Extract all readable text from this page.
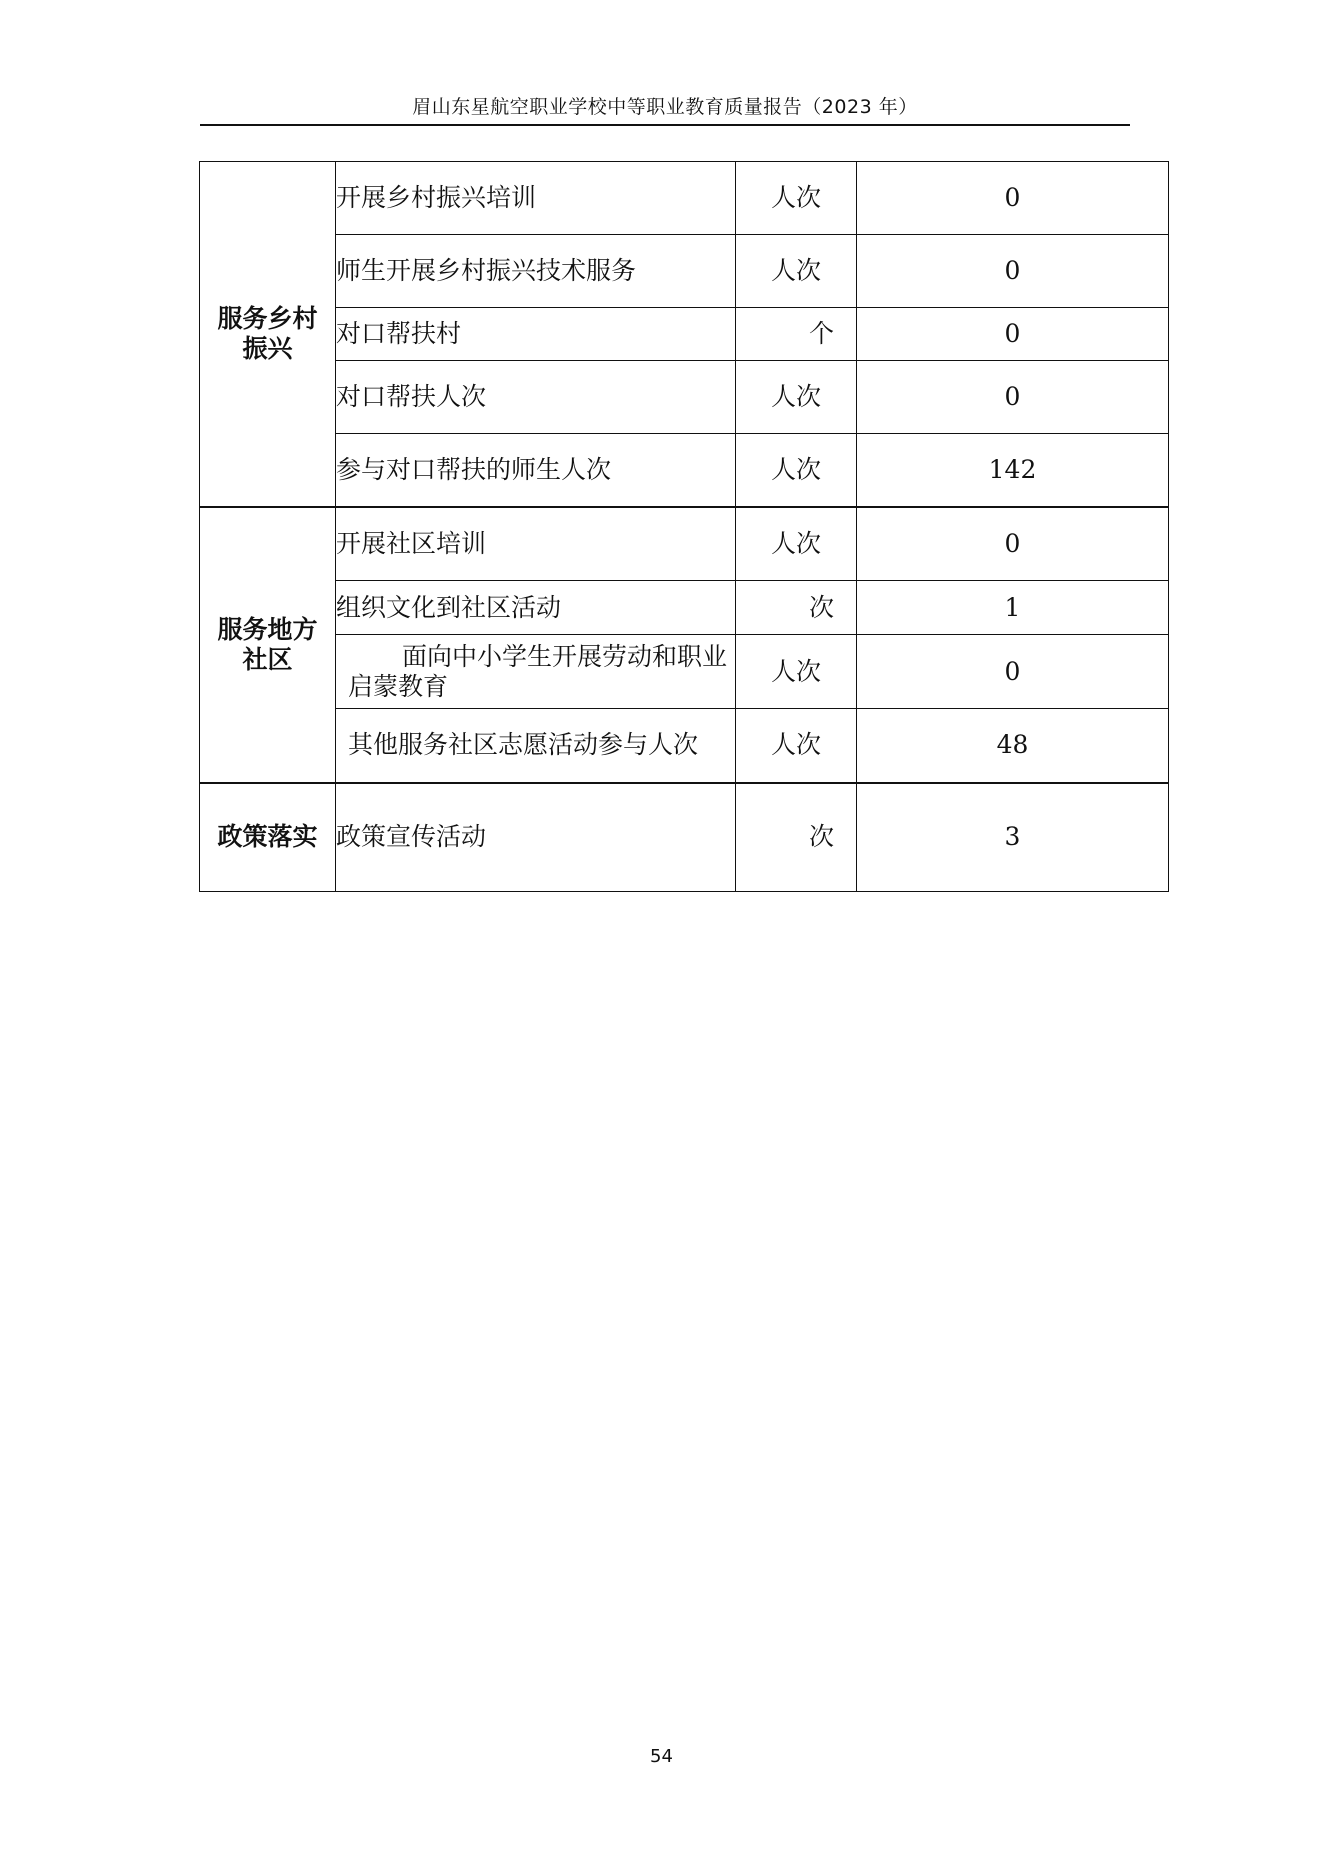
眉山东星航空职业学校中等职业教育质量报告（2023 年）
服务乡村振兴	开展乡村振兴培训	人次	0
	师生开展乡村振兴技术服务	人次	0
	对口帮扶村	个	0
	对口帮扶人次	人次	0
	参与对口帮扶的师生人次	人次	142

服务地方社区	开展社区培训	人次	0
	组织文化到社区活动	次	1
	面向中小学生开展劳动和职业启蒙教育	人次	0
	其他服务社区志愿活动参与人次	人次	48

政策落实	政策宣传活动	次	3
54
